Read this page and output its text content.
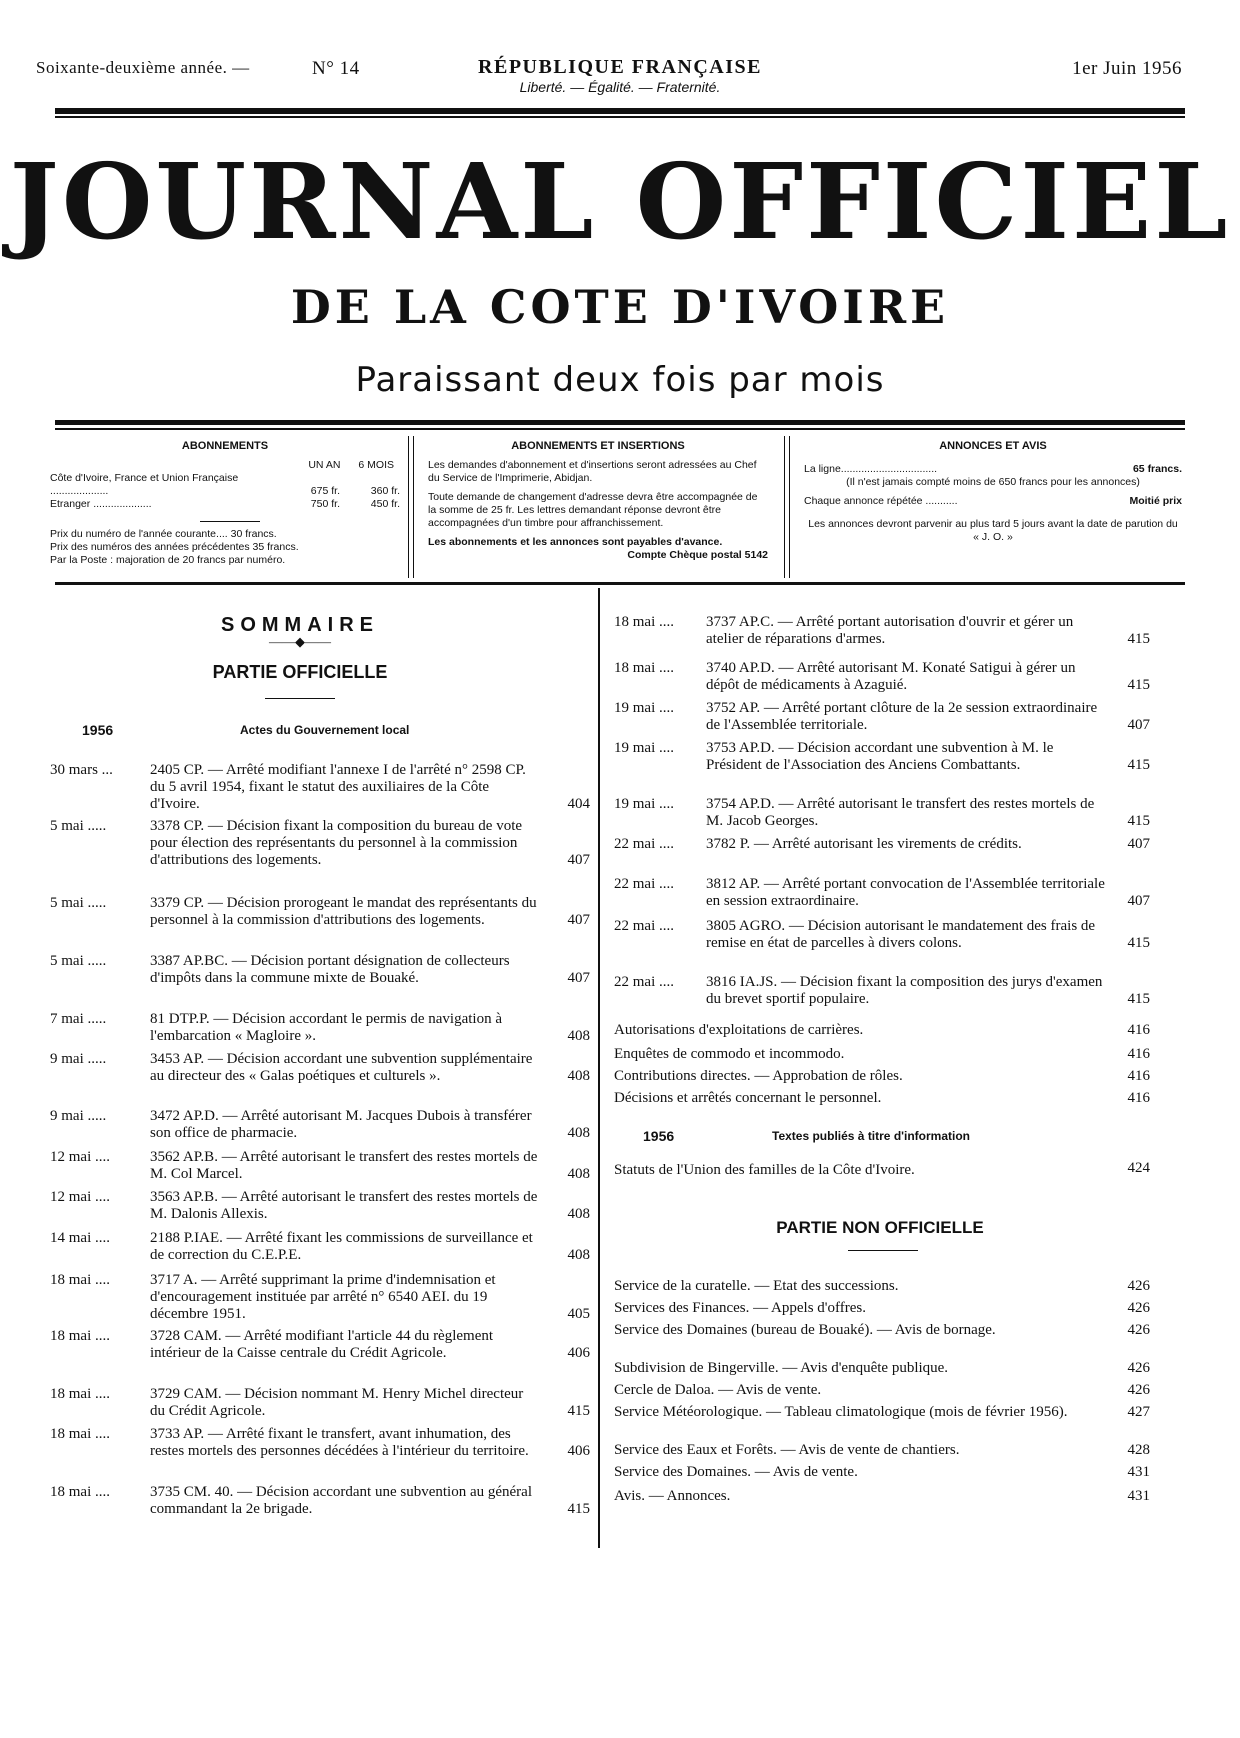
Soixante-deuxième année. —	N° 14	RÉPUBLIQUE FRANÇAISE
Liberté. — Égalité. — Fraternité.
1er Juin 1956
JOURNAL OFFICIEL
DE LA COTE D'IVOIRE
Paraissant deux fois par mois
ABONNEMENTS
UN AN 6 MOIS
Côte d'Ivoire, France et Union Française ....................	675 fr.	360 fr.
Etranger ....................	750 fr.	450 fr.
Prix du numéro de l'année courante.... 30 francs.
Prix des numéros des années précédentes 35 francs.
Par la Poste : majoration de 20 francs par numéro.
ABONNEMENTS ET INSERTIONS
Les demandes d'abonnement et d'insertions seront adressées au Chef du Service de l'Imprimerie, Abidjan.
Toute demande de changement d'adresse devra être accompagnée de la somme de 25 fr. Les lettres demandant réponse devront être accompagnées d'un timbre pour affranchissement.
Les abonnements et les annonces sont payables d'avance.
Compte Chèque postal 5142
ANNONCES ET AVIS
La ligne.................................	65 francs.
(Il n'est jamais compté moins de 650 francs pour les annonces)
Chaque annonce répétée ...........	Moitié prix
Les annonces devront parvenir au plus tard 5 jours avant la date de parution du « J. O. »
SOMMAIRE
——◆——
PARTIE OFFICIELLE
1956	Actes du Gouvernement local
30 mars ... 2405 CP. — Arrêté modifiant l'annexe I de l'arrêté n° 2598 CP. du 5 avril 1954, fixant le statut des auxiliaires de la Côte d'Ivoire.	404
5 mai .....	3378 CP. — Décision fixant la composition du bureau de vote pour élection des représentants du personnel à la commission d'attributions des logements.	407
5 mai .....	3379 CP. — Décision prorogeant le mandat des représentants du personnel à la commission d'attributions des logements.	407
5 mai .....	3387 AP.BC. — Décision portant désignation de collecteurs d'impôts dans la commune mixte de Bouaké.	407
7 mai .....	81 DTP.P. — Décision accordant le permis de navigation à l'embarcation « Magloire ».	408
9 mai .....	3453 AP. — Décision accordant une subvention supplémentaire au directeur des « Galas poétiques et culturels ».	408
9 mai .....	3472 AP.D. — Arrêté autorisant M. Jacques Dubois à transférer son office de pharmacie.	408
12 mai ....	3562 AP.B. — Arrêté autorisant le transfert des restes mortels de M. Col Marcel.	408
12 mai ....	3563 AP.B. — Arrêté autorisant le transfert des restes mortels de M. Dalonis Allexis.	408
14 mai ....	2188 P.IAE. — Arrêté fixant les commissions de surveillance et de correction du C.E.P.E.	408
18 mai ....	3717 A. — Arrêté supprimant la prime d'indemnisation et d'encouragement instituée par arrêté n° 6540 AEI. du 19 décembre 1951.	405
18 mai ....	3728 CAM. — Arrêté modifiant l'article 44 du règlement intérieur de la Caisse centrale du Crédit Agricole.	406
18 mai ....	3729 CAM. — Décision nommant M. Henry Michel directeur du Crédit Agricole.	415
18 mai ....	3733 AP. — Arrêté fixant le transfert, avant inhumation, des restes mortels des personnes décédées à l'intérieur du territoire.	406
18 mai ....	3735 CM. 40. — Décision accordant une subvention au général commandant la 2e brigade.	415
18 mai .... 3737 AP.C. — Arrêté portant autorisation d'ouvrir et gérer un atelier de réparations d'armes.	415
18 mai .... 3740 AP.D. — Arrêté autorisant M. Konaté Satigui à gérer un dépôt de médicaments à Azaguié.	415
19 mai .... 3752 AP. — Arrêté portant clôture de la 2e session extraordinaire de l'Assemblée territoriale.	407
19 mai .... 3753 AP.D. — Décision accordant une subvention à M. le Président de l'Association des Anciens Combattants.	415
19 mai .... 3754 AP.D. — Arrêté autorisant le transfert des restes mortels de M. Jacob Georges.	415
22 mai .... 3782 P. — Arrêté autorisant les virements de crédits.	407
22 mai .... 3812 AP. — Arrêté portant convocation de l'Assemblée territoriale en session extraordinaire.	407
22 mai .... 3805 AGRO. — Décision autorisant le mandatement des frais de remise en état de parcelles à divers colons.	415
22 mai .... 3816 IA.JS. — Décision fixant la composition des jurys d'examen du brevet sportif populaire.	415
Autorisations d'exploitations de carrières.	416
Enquêtes de commodo et incommodo.	416
Contributions directes. — Approbation de rôles.	416
Décisions et arrêtés concernant le personnel.	416
1956	Textes publiés à titre d'information
Statuts de l'Union des familles de la Côte d'Ivoire.	424
PARTIE NON OFFICIELLE
Service de la curatelle. — Etat des successions.	426
Services des Finances. — Appels d'offres.	426
Service des Domaines (bureau de Bouaké). — Avis de bornage.	426
Subdivision de Bingerville. — Avis d'enquête publique.	426
Cercle de Daloa. — Avis de vente.	426
Service Météorologique. — Tableau climatologique (mois de février 1956).	427
Service des Eaux et Forêts. — Avis de vente de chantiers.	428
Service des Domaines. — Avis de vente.	431
Avis. — Annonces.	431
